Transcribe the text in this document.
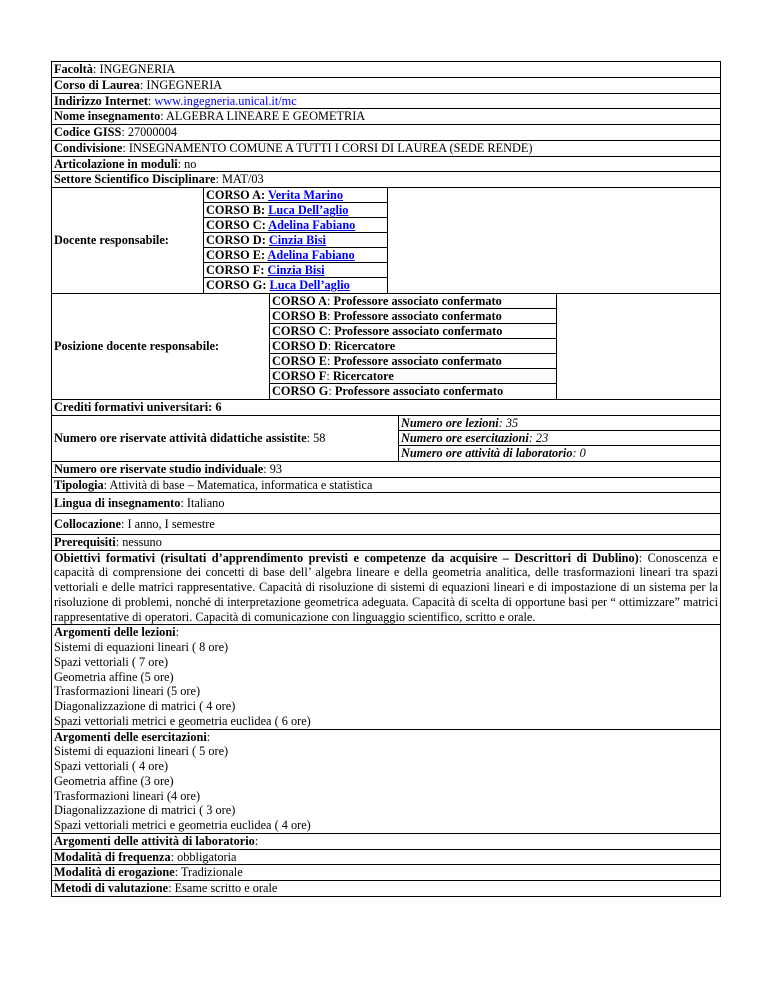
Facoltà: INGEGNERIA
Corso di Laurea: INGEGNERIA
Indirizzo Internet: www.ingegneria.unical.it/mc
Nome insegnamento: ALGEBRA LINEARE E GEOMETRIA
Codice GISS: 27000004
Condivisione: INSEGNAMENTO COMUNE A TUTTI I CORSI DI LAUREA (SEDE RENDE)
Articolazione in moduli: no
Settore Scientifico Disciplinare: MAT/03
Docente responsabile:
CORSO A: Verita Marino
CORSO B: Luca Dell’aglio
CORSO C: Adelina Fabiano
CORSO D: Cinzia Bisi
CORSO E: Adelina Fabiano
CORSO F: Cinzia Bisi
CORSO G: Luca Dell’aglio
Posizione docente responsabile:
CORSO A: Professore associato confermato
CORSO B: Professore associato confermato
CORSO C: Professore associato confermato
CORSO D: Ricercatore
CORSO E: Professore associato confermato
CORSO F: Ricercatore
CORSO G: Professore associato confermato
Crediti formativi universitari: 6
Numero ore riservate attività didattiche assistite: 58
Numero ore lezioni: 35
Numero ore esercitazioni: 23
Numero ore attività di laboratorio: 0
Numero ore riservate studio individuale: 93
Tipologia: Attività di base – Matematica, informatica e statistica
Lingua di insegnamento: Italiano
Collocazione: I anno, I semestre
Prerequisiti: nessuno
Obiettivi formativi (risultati d’apprendimento previsti e competenze da acquisire – Descrittori di Dublino): Conoscenza e capacità di comprensione dei concetti di base dell’ algebra lineare e della geometria analitica, delle trasformazioni lineari tra spazi vettoriali e delle matrici rappresentative. Capacità di risoluzione di sistemi di equazioni lineari e di impostazione di un sistema per la risoluzione di problemi, nonché di interpretazione geometrica adeguata. Capacità di scelta di opportune basi per “ ottimizzare” matrici rappresentative di operatori. Capacità di comunicazione con linguaggio scientifico, scritto e orale.
Argomenti delle lezioni:
Sistemi di equazioni lineari ( 8 ore)
Spazi vettoriali ( 7 ore)
Geometria affine (5 ore)
Trasformazioni lineari (5 ore)
Diagonalizzazione di matrici ( 4 ore)
Spazi vettoriali metrici e geometria euclidea ( 6 ore)
Argomenti delle esercitazioni:
Sistemi di equazioni lineari ( 5 ore)
Spazi vettoriali ( 4 ore)
Geometria affine (3 ore)
Trasformazioni lineari (4 ore)
Diagonalizzazione di matrici ( 3 ore)
Spazi vettoriali metrici e geometria euclidea ( 4 ore)
Argomenti delle attività di laboratorio:
Modalità di frequenza: obbligatoria
Modalità di erogazione: Tradizionale
Metodi di valutazione: Esame scritto e orale
